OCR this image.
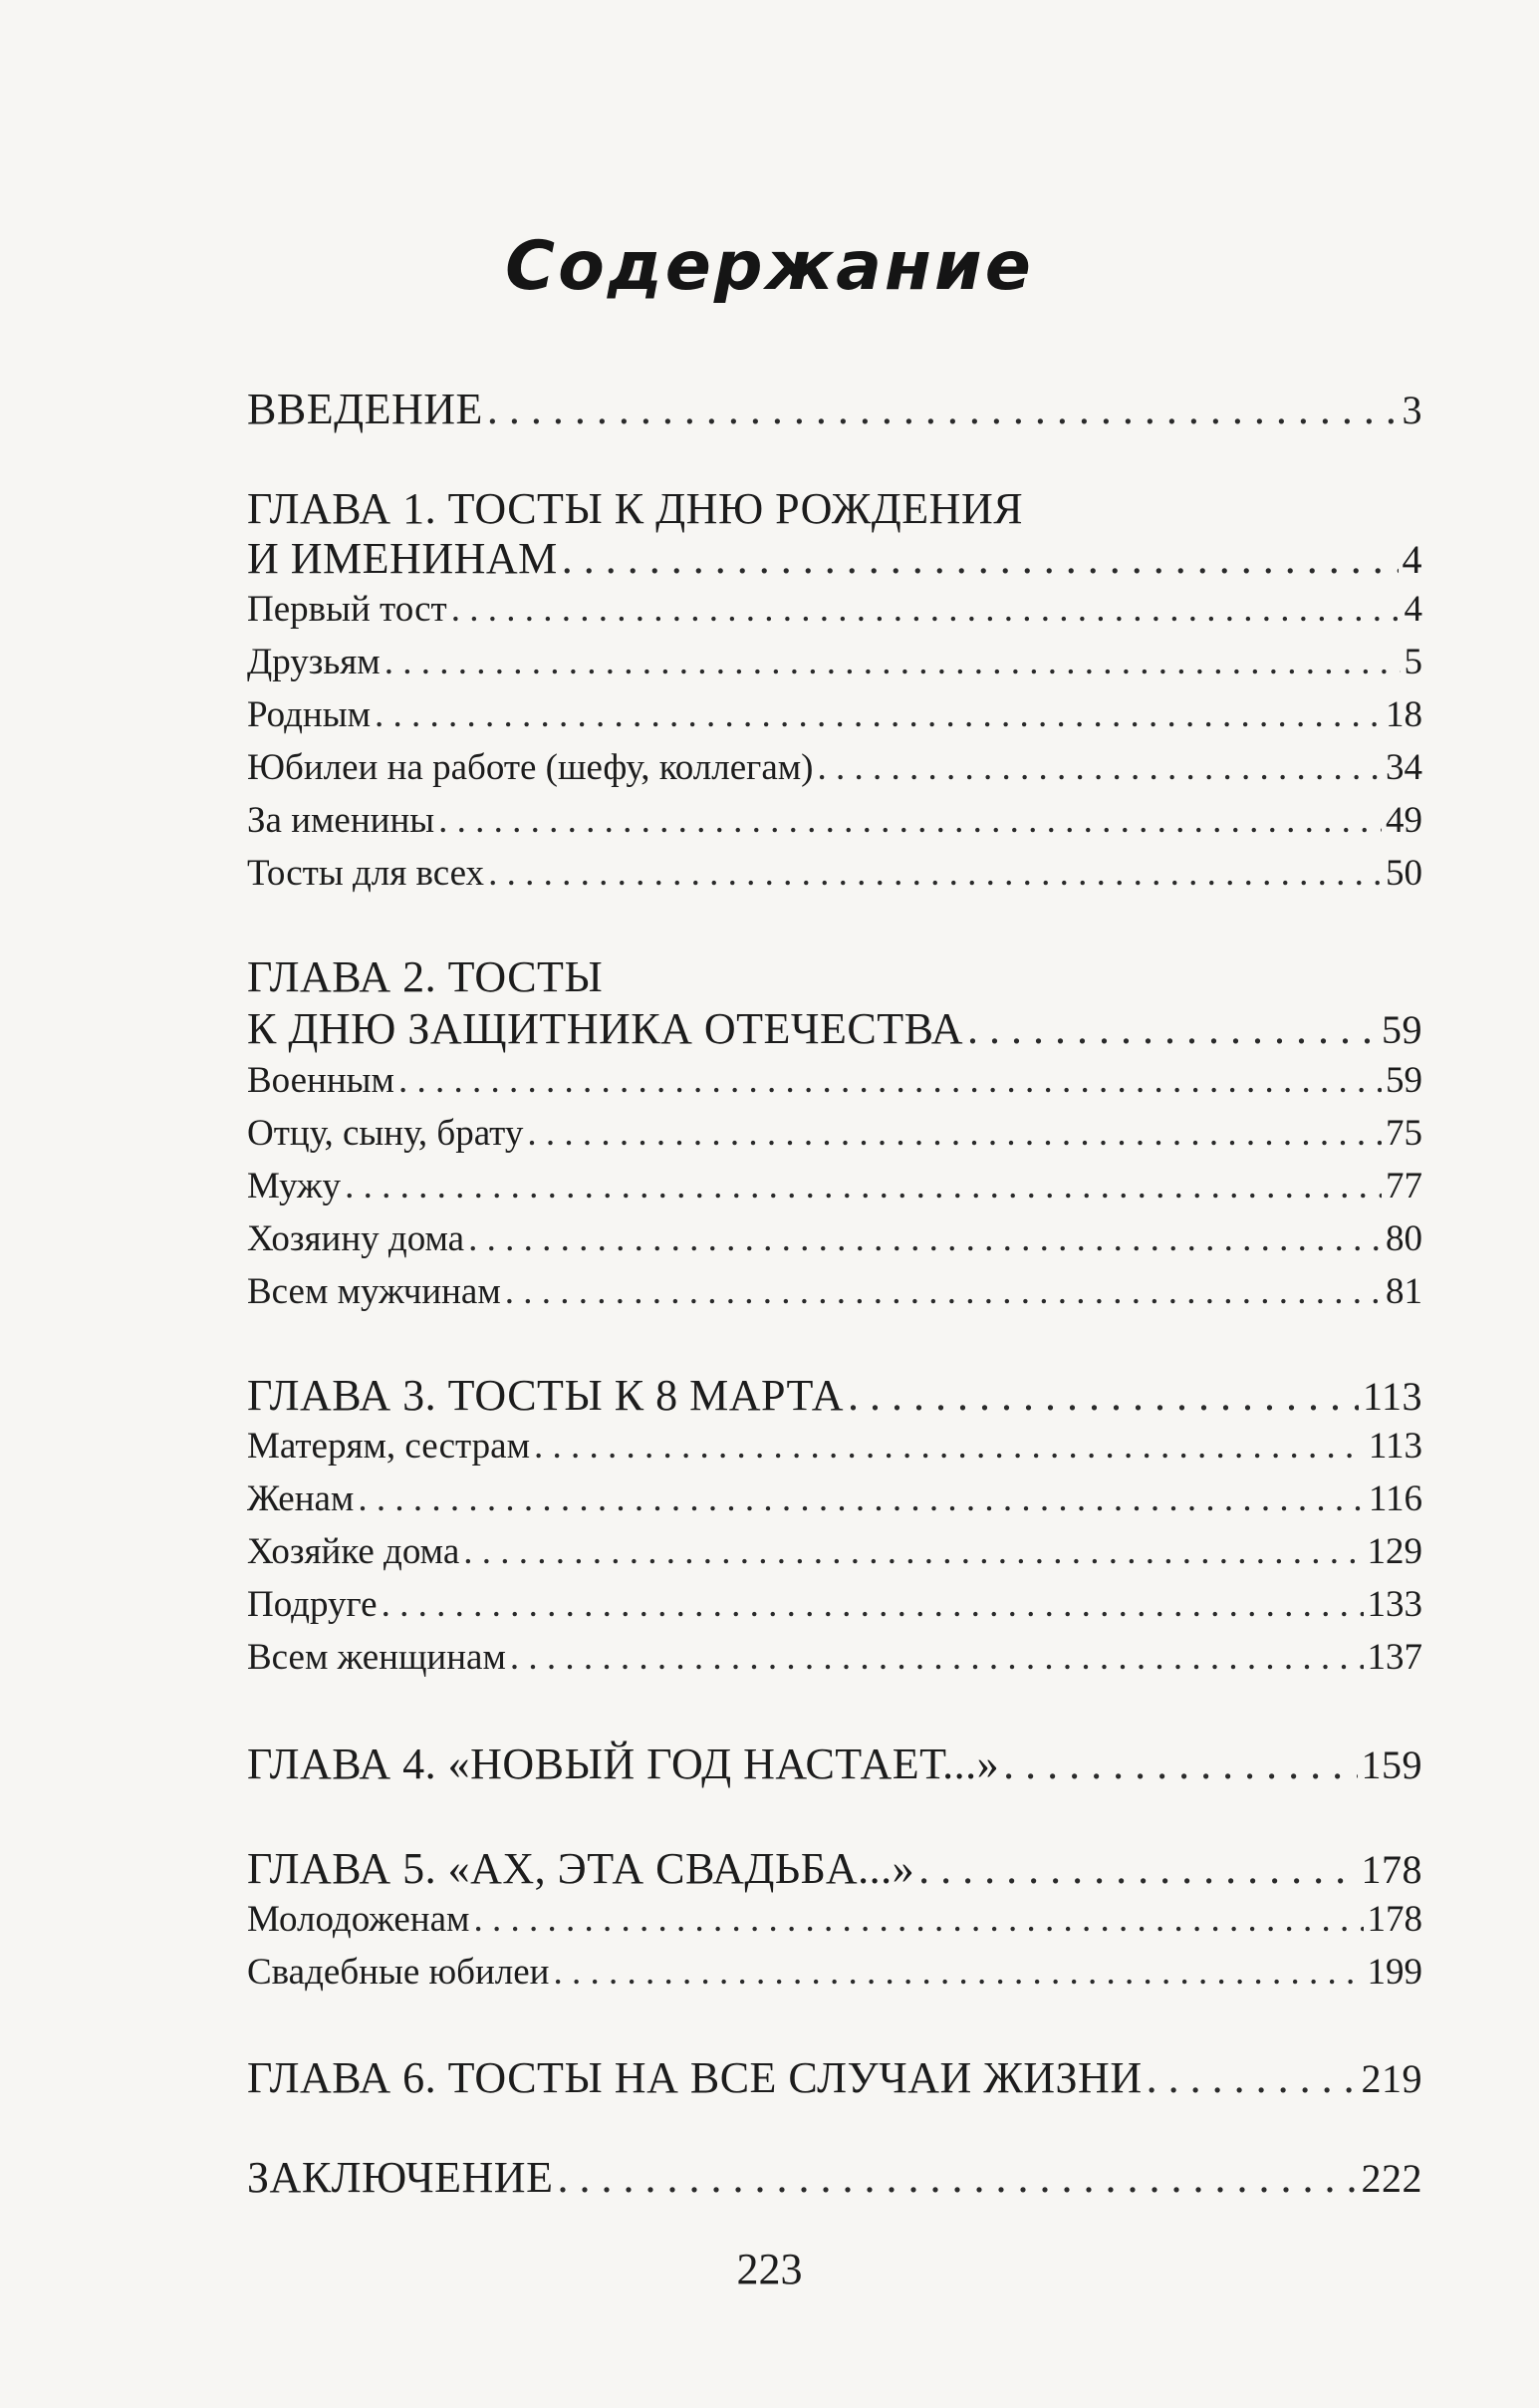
Содержание
ВВЕДЕНИЕ . . .	3
ГЛАВА 1. ТОСТЫ К ДНЮ РОЖДЕНИЯ
И ИМЕНИНАМ . . .	4
Первый тост . . .	4
Друзьям . . .	5
Родным . . .	18
Юбилеи на работе (шефу, коллегам) . . .	34
За именины . . .	49
Тосты для всех . . .	50
ГЛАВА 2. ТОСТЫ
К ДНЮ ЗАЩИТНИКА ОТЕЧЕСТВА . . .	59
Военным . . .	59
Отцу, сыну, брату . . .	75
Мужу . . .	77
Хозяину дома . . .	80
Всем мужчинам . . .	81
ГЛАВА 3. ТОСТЫ К 8 МАРТА . . .	113
Матерям, сестрам . . .	113
Женам . . .	116
Хозяйке дома . . .	129
Подруге . . .	133
Всем женщинам . . .	137
ГЛАВА 4. «НОВЫЙ ГОД НАСТАЕТ...» . . .	159
ГЛАВА 5. «АХ, ЭТА СВАДЬБА...» . . .	178
Молодоженам . . .	178
Свадебные юбилеи . . .	199
ГЛАВА 6. ТОСТЫ НА ВСЕ СЛУЧАИ ЖИЗНИ . . .	219
ЗАКЛЮЧЕНИЕ . . .	222
223
